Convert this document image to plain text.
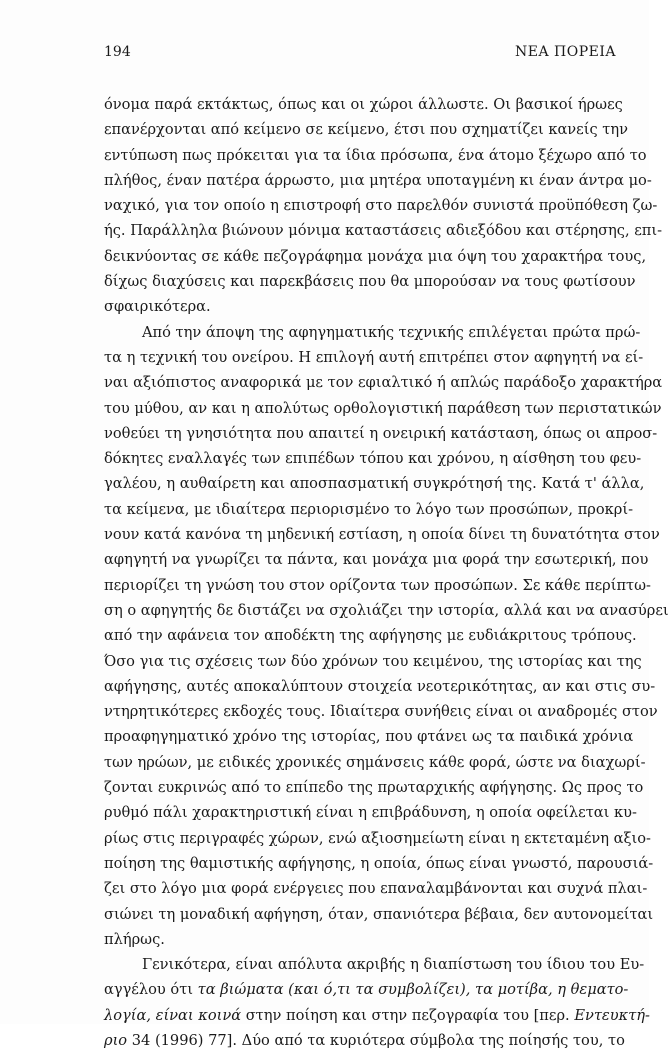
194	ΝΕΑ ΠΟΡΕΙΑ
όνομα παρά εκτάκτως, όπως και οι χώροι άλλωστε. Οι βασικοί ήρωες
επανέρχονται από κείμενο σε κείμενο, έτσι που σχηματίζει κανείς την
εντύπωση πως πρόκειται για τα ίδια πρόσωπα, ένα άτομο ξέχωρο από το
πλήθος, έναν πατέρα άρρωστο, μια μητέρα υποταγμένη κι έναν άντρα μο-
ναχικό, για τον οποίο η επιστροφή στο παρελθόν συνιστά προϋπόθεση ζω-
ής. Παράλληλα βιώνουν μόνιμα καταστάσεις αδιεξόδου και στέρησης, επι-
δεικνύοντας σε κάθε πεζογράφημα μονάχα μια όψη του χαρακτήρα τους,
δίχως διαχύσεις και παρεκβάσεις που θα μπορούσαν να τους φωτίσουν
σφαιρικότερα.
Από την άποψη της αφηγηματικής τεχνικής επιλέγεται πρώτα πρώ-
τα η τεχνική του ονείρου. Η επιλογή αυτή επιτρέπει στον αφηγητή να εί-
ναι αξιόπιστος αναφορικά με τον εφιαλτικό ή απλώς παράδοξο χαρακτήρα
του μύθου, αν και η απολύτως ορθολογιστική παράθεση των περιστατικών
νοθεύει τη γνησιότητα που απαιτεί η ονειρική κατάσταση, όπως οι απροσ-
δόκητες εναλλαγές των επιπέδων τόπου και χρόνου, η αίσθηση του φευ-
γαλέου, η αυθαίρετη και αποσπασματική συγκρότησή της. Κατά τ' άλλα,
τα κείμενα, με ιδιαίτερα περιορισμένο το λόγο των προσώπων, προκρί-
νουν κατά κανόνα τη μηδενική εστίαση, η οποία δίνει τη δυνατότητα στον
αφηγητή να γνωρίζει τα πάντα, και μονάχα μια φορά την εσωτερική, που
περιορίζει τη γνώση του στον ορίζοντα των προσώπων. Σε κάθε περίπτω-
ση ο αφηγητής δε διστάζει να σχολιάζει την ιστορία, αλλά και να ανασύρει
από την αφάνεια τον αποδέκτη της αφήγησης με ευδιάκριτους τρόπους.
Όσο για τις σχέσεις των δύο χρόνων του κειμένου, της ιστορίας και της
αφήγησης, αυτές αποκαλύπτουν στοιχεία νεοτερικότητας, αν και στις συ-
ντηρητικότερες εκδοχές τους. Ιδιαίτερα συνήθεις είναι οι αναδρομές στον
προαφηγηματικό χρόνο της ιστορίας, που φτάνει ως τα παιδικά χρόνια
των ηρώων, με ειδικές χρονικές σημάνσεις κάθε φορά, ώστε να διαχωρί-
ζονται ευκρινώς από το επίπεδο της πρωταρχικής αφήγησης. Ως προς το
ρυθμό πάλι χαρακτηριστική είναι η επιβράδυνση, η οποία οφείλεται κυ-
ρίως στις περιγραφές χώρων, ενώ αξιοσημείωτη είναι η εκτεταμένη αξιο-
ποίηση της θαμιστικής αφήγησης, η οποία, όπως είναι γνωστό, παρουσιά-
ζει στο λόγο μια φορά ενέργειες που επαναλαμβάνονται και συχνά πλαι-
σιώνει τη μοναδική αφήγηση, όταν, σπανιότερα βέβαια, δεν αυτονομείται
πλήρως.
Γενικότερα, είναι απόλυτα ακριβής η διαπίστωση του ίδιου του Ευ-
αγγέλου ότι τα βιώματα (και ό,τι τα συμβολίζει), τα μοτίβα, η θεματο-
λογία, είναι κοινά στην ποίηση και στην πεζογραφία του [περ. Εντευκτή-
ριο 34 (1996) 77]. Δύο από τα κυριότερα σύμβολα της ποίησής του, το
